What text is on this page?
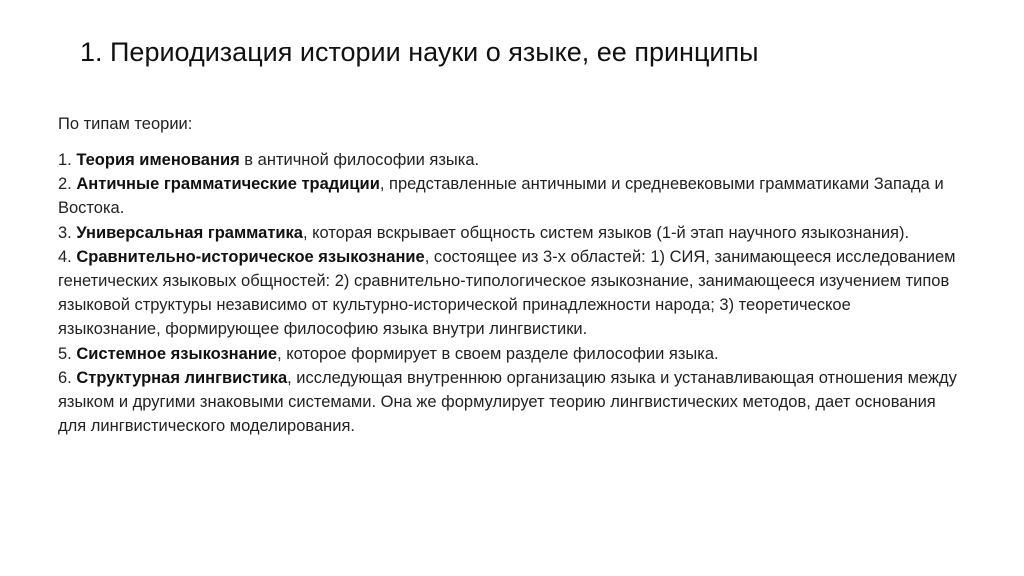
1. Периодизация истории науки о языке, ее принципы
По типам теории:
1. Теория именования в античной философии языка.
2. Античные грамматические традиции, представленные античными и средневековыми грамматиками Запада и Востока.
3. Универсальная грамматика, которая вскрывает общность систем языков (1-й этап научного языкознания).
4. Сравнительно-историческое языкознание, состоящее из 3-х областей: 1) СИЯ, занимающееся исследованием генетических языковых общностей: 2) сравнительно-типологическое языкознание, занимающееся изучением типов языковой структуры независимо от культурно-исторической принадлежности народа; 3) теоретическое языкознание, формирующее философию языка внутри лингвистики.
5. Системное языкознание, которое формирует в своем разделе философии языка.
6. Структурная лингвистика, исследующая внутреннюю организацию языка и устанавливающая отношения между языком и другими знаковыми системами. Она же формулирует теорию лингвистических методов, дает основания для лингвистического моделирования.
